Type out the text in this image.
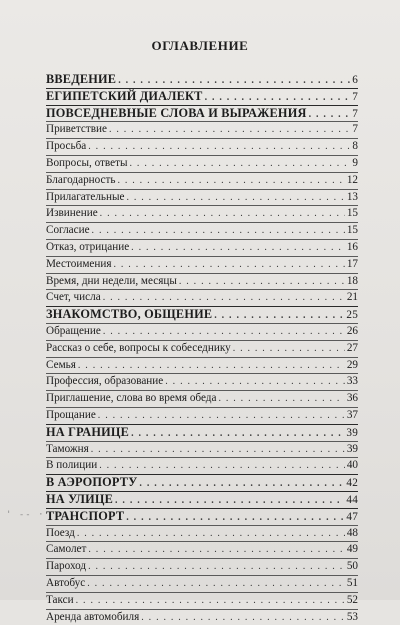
ОГЛАВЛЕНИЕ
ВВЕДЕНИЕ . . .	6
ЕГИПЕТСКИЙ ДИАЛЕКТ . . .	7
ПОВСЕДНЕВНЫЕ СЛОВА И ВЫРАЖЕНИЯ . . .	7
Приветствие . . .	7
Просьба . . .	8
Вопросы, ответы . . .	9
Благодарность . . .	12
Прилагательные . . .	13
Извинение . . .	15
Согласие . . .	15
Отказ, отрицание . . .	16
Местоимения . . .	17
Время, дни недели, месяцы . . .	18
Счет, числа . . .	21
ЗНАКОМСТВО, ОБЩЕНИЕ . . .	25
Обращение . . .	26
Рассказ о себе, вопросы к собеседнику . . .	27
Семья . . .	29
Профессия, образование . . .	33
Приглашение, слова во время обеда . . .	36
Прощание . . .	37
НА ГРАНИЦЕ . . .	39
Таможня . . .	39
В полиции . . .	40
В АЭРОПОРТУ . . .	42
НА УЛИЦЕ . . .	44
ТРАНСПОРТ . . .	47
Поезд . . .	48
Самолет . . .	49
Пароход . . .	50
Автобус . . .	51
Такси . . .	52
Аренда автомобиля . . .	53
' -- ·
